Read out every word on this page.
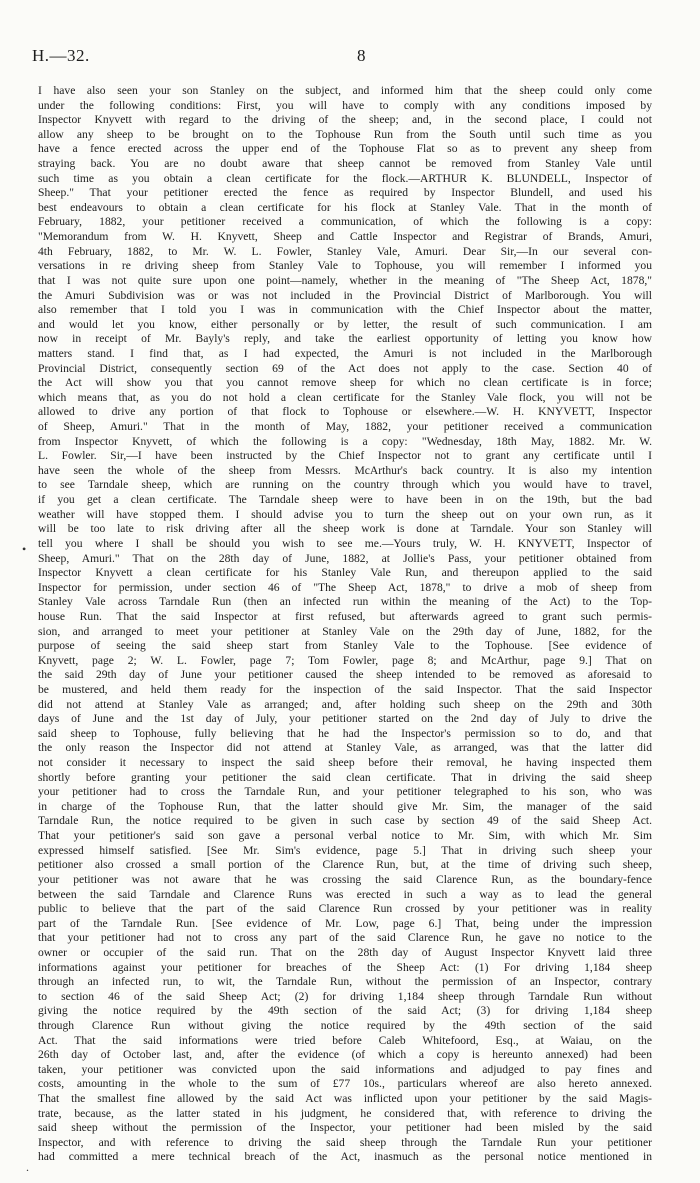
H.—32.	8
•
.
I have also seen your son Stanley on the subject, and informed him that the sheep could only come
under the following conditions: First, you will have to comply with any conditions imposed by
Inspector Knyvett with regard to the driving of the sheep; and, in the second place, I could not
allow any sheep to be brought on to the Tophouse Run from the South until such time as you
have a fence erected across the upper end of the Tophouse Flat so as to prevent any sheep from
straying back. You are no doubt aware that sheep cannot be removed from Stanley Vale until
such time as you obtain a clean certificate for the flock.—ARTHUR K. BLUNDELL, Inspector of
Sheep." That your petitioner erected the fence as required by Inspector Blundell, and used his
best endeavours to obtain a clean certificate for his flock at Stanley Vale. That in the month of
February, 1882, your petitioner received a communication, of which the following is a copy:
"Memorandum from W. H. Knyvett, Sheep and Cattle Inspector and Registrar of Brands, Amuri,
4th February, 1882, to Mr. W. L. Fowler, Stanley Vale, Amuri. Dear Sir,—In our several con-
versations in re driving sheep from Stanley Vale to Tophouse, you will remember I informed you
that I was not quite sure upon one point—namely, whether in the meaning of "The Sheep Act, 1878,"
the Amuri Subdivision was or was not included in the Provincial District of Marlborough. You will
also remember that I told you I was in communication with the Chief Inspector about the matter,
and would let you know, either personally or by letter, the result of such communication. I am
now in receipt of Mr. Bayly's reply, and take the earliest opportunity of letting you know how
matters stand. I find that, as I had expected, the Amuri is not included in the Marlborough
Provincial District, consequently section 69 of the Act does not apply to the case. Section 40 of
the Act will show you that you cannot remove sheep for which no clean certificate is in force;
which means that, as you do not hold a clean certificate for the Stanley Vale flock, you will not be
allowed to drive any portion of that flock to Tophouse or elsewhere.—W. H. KNYVETT, Inspector
of Sheep, Amuri." That in the month of May, 1882, your petitioner received a communication
from Inspector Knyvett, of which the following is a copy: "Wednesday, 18th May, 1882. Mr. W.
L. Fowler. Sir,—I have been instructed by the Chief Inspector not to grant any certificate until I
have seen the whole of the sheep from Messrs. McArthur's back country. It is also my intention
to see Tarndale sheep, which are running on the country through which you would have to travel,
if you get a clean certificate. The Tarndale sheep were to have been in on the 19th, but the bad
weather will have stopped them. I should advise you to turn the sheep out on your own run, as it
will be too late to risk driving after all the sheep work is done at Tarndale. Your son Stanley will
tell you where I shall be should you wish to see me.—Yours truly, W. H. KNYVETT, Inspector of
Sheep, Amuri." That on the 28th day of June, 1882, at Jollie's Pass, your petitioner obtained from
Inspector Knyvett a clean certificate for his Stanley Vale Run, and thereupon applied to the said
Inspector for permission, under section 46 of "The Sheep Act, 1878," to drive a mob of sheep from
Stanley Vale across Tarndale Run (then an infected run within the meaning of the Act) to the Top-
house Run. That the said Inspector at first refused, but afterwards agreed to grant such permis-
sion, and arranged to meet your petitioner at Stanley Vale on the 29th day of June, 1882, for the
purpose of seeing the said sheep start from Stanley Vale to the Tophouse. [See evidence of
Knyvett, page 2; W. L. Fowler, page 7; Tom Fowler, page 8; and McArthur, page 9.] That on
the said 29th day of June your petitioner caused the sheep intended to be removed as aforesaid to
be mustered, and held them ready for the inspection of the said Inspector. That the said Inspector
did not attend at Stanley Vale as arranged; and, after holding such sheep on the 29th and 30th
days of June and the 1st day of July, your petitioner started on the 2nd day of July to drive the
said sheep to Tophouse, fully believing that he had the Inspector's permission so to do, and that
the only reason the Inspector did not attend at Stanley Vale, as arranged, was that the latter did
not consider it necessary to inspect the said sheep before their removal, he having inspected them
shortly before granting your petitioner the said clean certificate. That in driving the said sheep
your petitioner had to cross the Tarndale Run, and your petitioner telegraphed to his son, who was
in charge of the Tophouse Run, that the latter should give Mr. Sim, the manager of the said
Tarndale Run, the notice required to be given in such case by section 49 of the said Sheep Act.
That your petitioner's said son gave a personal verbal notice to Mr. Sim, with which Mr. Sim
expressed himself satisfied. [See Mr. Sim's evidence, page 5.] That in driving such sheep your
petitioner also crossed a small portion of the Clarence Run, but, at the time of driving such sheep,
your petitioner was not aware that he was crossing the said Clarence Run, as the boundary-fence
between the said Tarndale and Clarence Runs was erected in such a way as to lead the general
public to believe that the part of the said Clarence Run crossed by your petitioner was in reality
part of the Tarndale Run. [See evidence of Mr. Low, page 6.] That, being under the impression
that your petitioner had not to cross any part of the said Clarence Run, he gave no notice to the
owner or occupier of the said run. That on the 28th day of August Inspector Knyvett laid three
informations against your petitioner for breaches of the Sheep Act: (1) For driving 1,184 sheep
through an infected run, to wit, the Tarndale Run, without the permission of an Inspector, contrary
to section 46 of the said Sheep Act; (2) for driving 1,184 sheep through Tarndale Run without
giving the notice required by the 49th section of the said Act; (3) for driving 1,184 sheep
through Clarence Run without giving the notice required by the 49th section of the said
Act. That the said informations were tried before Caleb Whitefoord, Esq., at Waiau, on the
26th day of October last, and, after the evidence (of which a copy is hereunto annexed) had been
taken, your petitioner was convicted upon the said informations and adjudged to pay fines and
costs, amounting in the whole to the sum of £77 10s., particulars whereof are also hereto annexed.
That the smallest fine allowed by the said Act was inflicted upon your petitioner by the said Magis-
trate, because, as the latter stated in his judgment, he considered that, with reference to driving the
said sheep without the permission of the Inspector, your petitioner had been misled by the said
Inspector, and with reference to driving the said sheep through the Tarndale Run your petitioner
had committed a mere technical breach of the Act, inasmuch as the personal notice mentioned in
